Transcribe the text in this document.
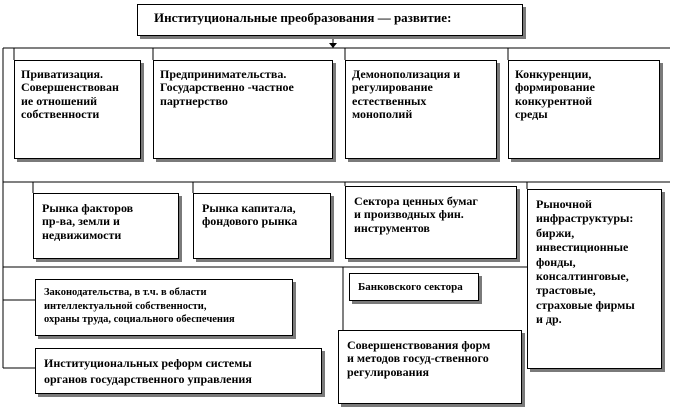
Институциональные преобразования — развитие:
Приватизация.
Совершенствован
ие отношений
собственности
Предпринимательства.
Государственно -частное
партнерство
Демонополизация и
регулирование
естественных
монополий
Конкуренции,
формирование
конкурентной
среды
Рынка факторов
пр-ва, земли и
недвижимости
Рынка капитала,
фондового рынка
Сектора ценных бумаг
и производных фин.
инструментов
Рыночной
инфраструктуры:
биржи,
инвестиционные
фонды,
консалтинговые,
трастовые,
страховые фирмы
и др.
Законодательства, в т.ч. в области
интеллектуальной собственности,
охраны труда, социального обеспечения
Банковского сектора
Институциональных реформ системы
органов государственного управления
Совершенствования форм
и методов госуд-ственного
регулирования
